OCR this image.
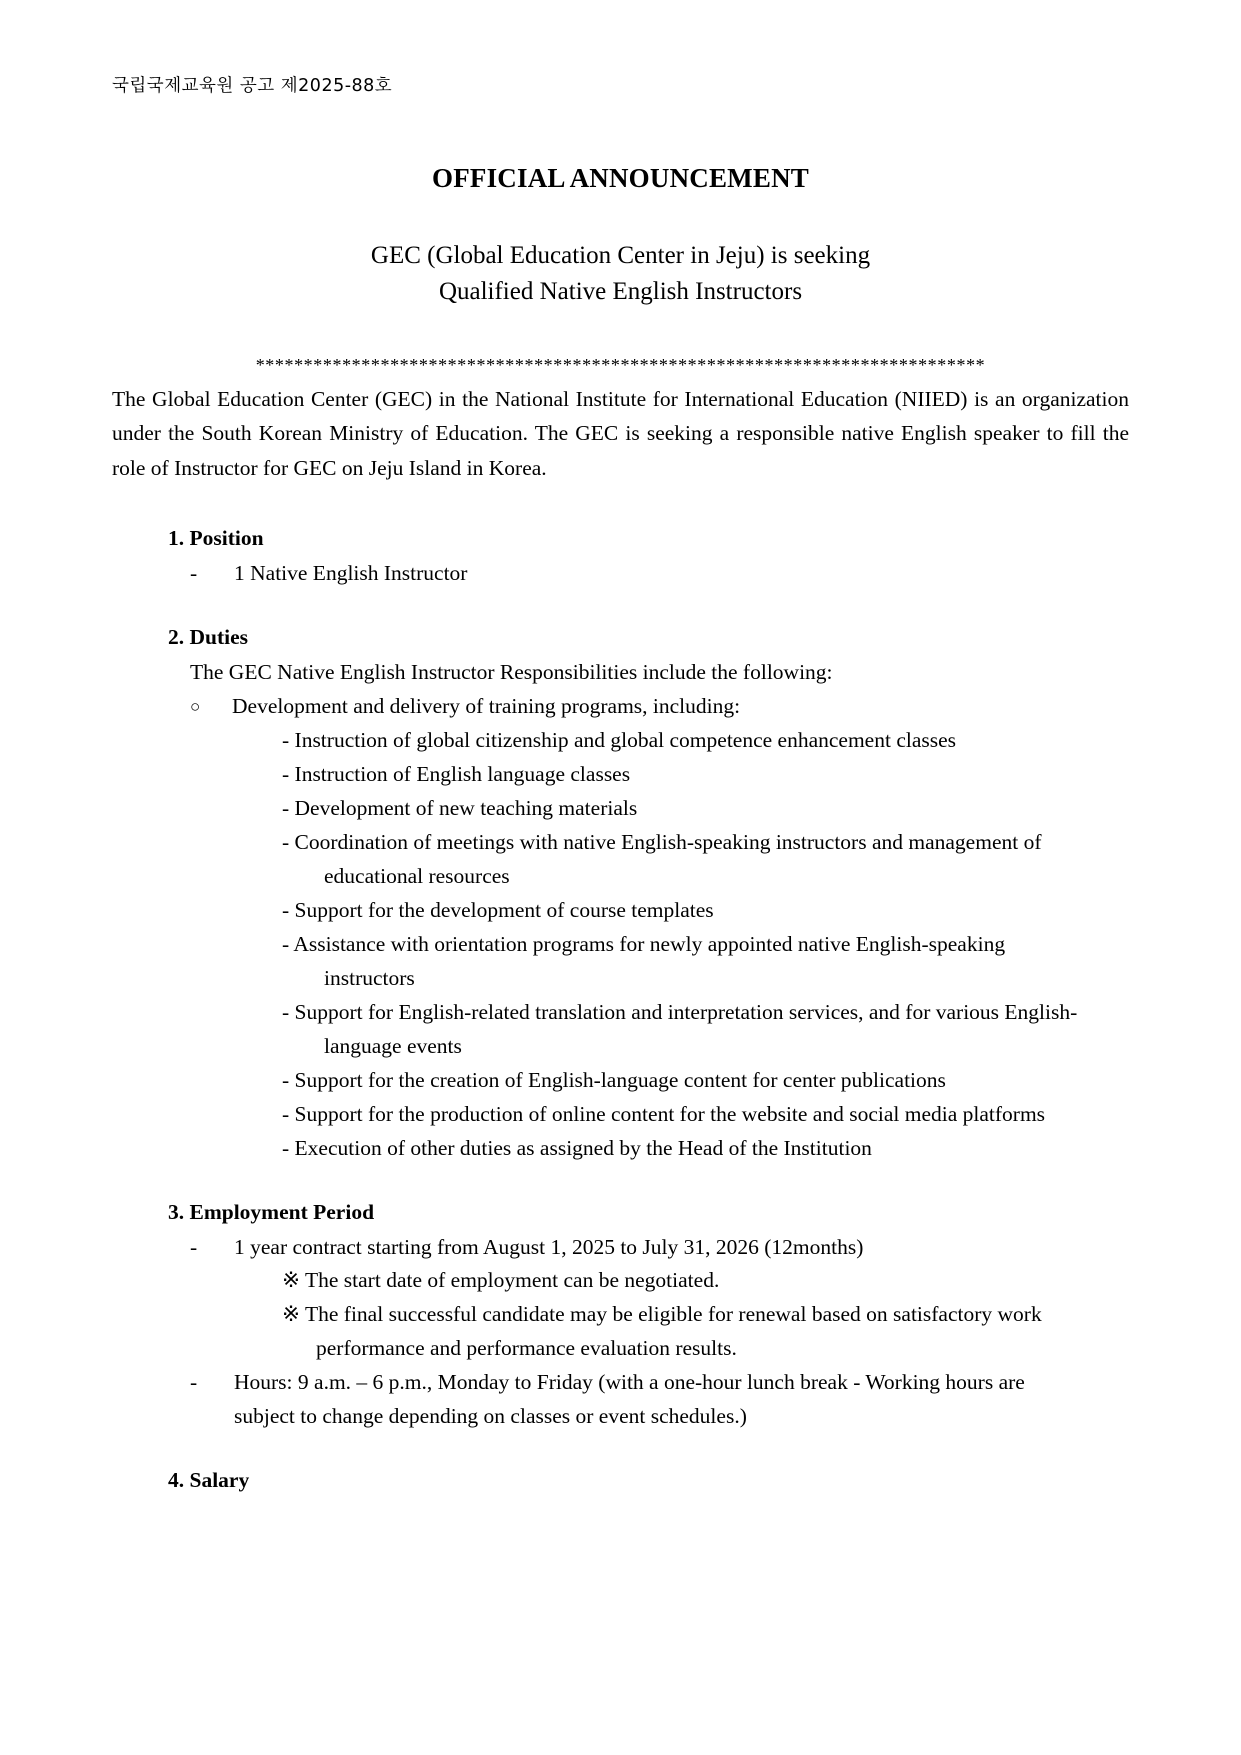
국립국제교육원 공고 제2025-88호
OFFICIAL ANNOUNCEMENT
GEC (Global Education Center in Jeju) is seeking
Qualified Native English Instructors
****************************************************************************
The Global Education Center (GEC) in the National Institute for International Education (NIIED) is an organization under the South Korean Ministry of Education. The GEC is seeking a responsible native English speaker to fill the role of Instructor for GEC on Jeju Island in Korea.
1. Position
-	1 Native English Instructor
2. Duties
The GEC Native English Instructor Responsibilities include the following:
○	Development and delivery of training programs, including:
- Instruction of global citizenship and global competence enhancement classes
- Instruction of English language classes
- Development of new teaching materials
- Coordination of meetings with native English-speaking instructors and management of
educational resources
- Support for the development of course templates
- Assistance with orientation programs for newly appointed native English-speaking
instructors
- Support for English-related translation and interpretation services, and for various English-
language events
- Support for the creation of English-language content for center publications
- Support for the production of online content for the website and social media platforms
- Execution of other duties as assigned by the Head of the Institution
3. Employment Period
-	1 year contract starting from August 1, 2025 to July 31, 2026 (12months)
※ The start date of employment can be negotiated.
※ The final successful candidate may be eligible for renewal based on satisfactory work
performance and performance evaluation results.
-	Hours: 9 a.m. – 6 p.m., Monday to Friday (with a one-hour lunch break - Working hours are
subject to change depending on classes or event schedules.)
4. Salary
